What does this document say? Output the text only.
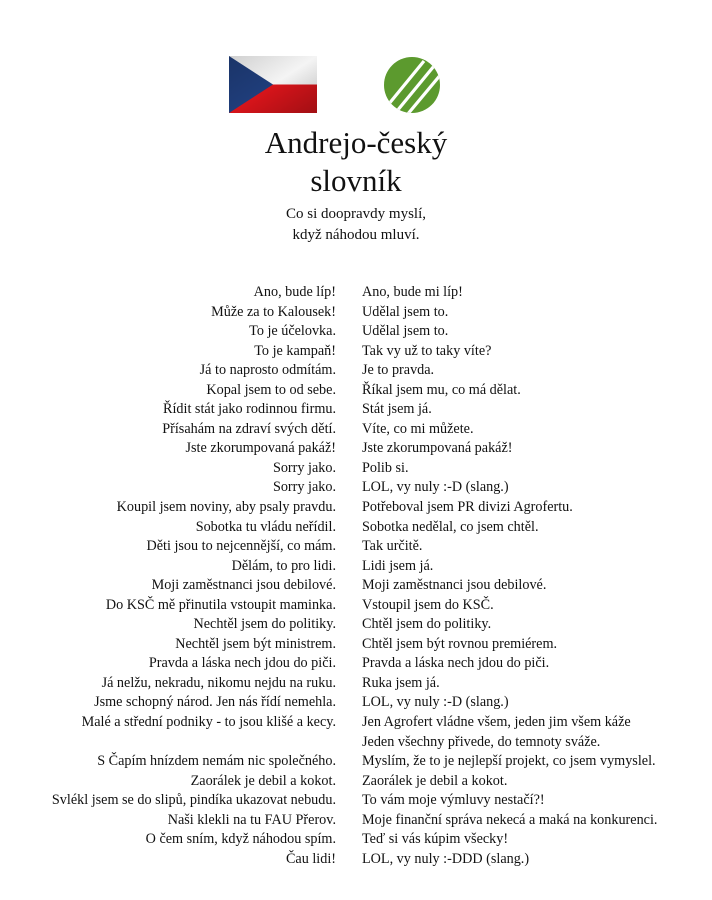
Andrejo-český
slovník
Co si doopravdy myslí,
když náhodou mluví.
Ano, bude líp! Ano, bude mi líp!
Může za to Kalousek! Udělal jsem to.
To je účelovka. Udělal jsem to.
To je kampaň! Tak vy už to taky víte?
Já to naprosto odmítám. Je to pravda.
Kopal jsem to od sebe. Říkal jsem mu, co má dělat.
Řídit stát jako rodinnou firmu. Stát jsem já.
Přísahám na zdraví svých dětí. Víte, co mi můžete.
Jste zkorumpovaná pakáž! Jste zkorumpovaná pakáž!
Sorry jako. Polib si.
Sorry jako. LOL, vy nuly :-D (slang.)
Koupil jsem noviny, aby psaly pravdu. Potřeboval jsem PR divizi Agrofertu.
Sobotka tu vládu neřídil. Sobotka nedělal, co jsem chtěl.
Děti jsou to nejcennější, co mám. Tak určitě.
Dělám, to pro lidi. Lidi jsem já.
Moji zaměstnanci jsou debilové. Moji zaměstnanci jsou debilové.
Do KSČ mě přinutila vstoupit maminka. Vstoupil jsem do KSČ.
Nechtěl jsem do politiky. Chtěl jsem do politiky.
Nechtěl jsem být ministrem. Chtěl jsem být rovnou premiérem.
Pravda a láska nech jdou do piči. Pravda a láska nech jdou do piči.
Já nelžu, nekradu, nikomu nejdu na ruku. Ruka jsem já.
Jsme schopný národ. Jen nás řídí nemehla. LOL, vy nuly :-D (slang.)
Malé a střední podniky - to jsou klišé a kecy. Jen Agrofert vládne všem, jeden jim všem káže
Jeden všechny přivede, do temnoty sváže.
S Čapím hnízdem nemám nic společného. Myslím, že to je nejlepší projekt, co jsem vymyslel.
Zaorálek je debil a kokot. Zaorálek je debil a kokot.
Svlékl jsem se do slipů, pindíka ukazovat nebudu. To vám moje výmluvy nestačí?!
Naši klekli na tu FAU Přerov. Moje finanční správa nekecá a maká na konkurenci.
O čem sním, když náhodou spím. Teď si vás kúpim všecky!
Čau lidi! LOL, vy nuly :-DDD (slang.)
